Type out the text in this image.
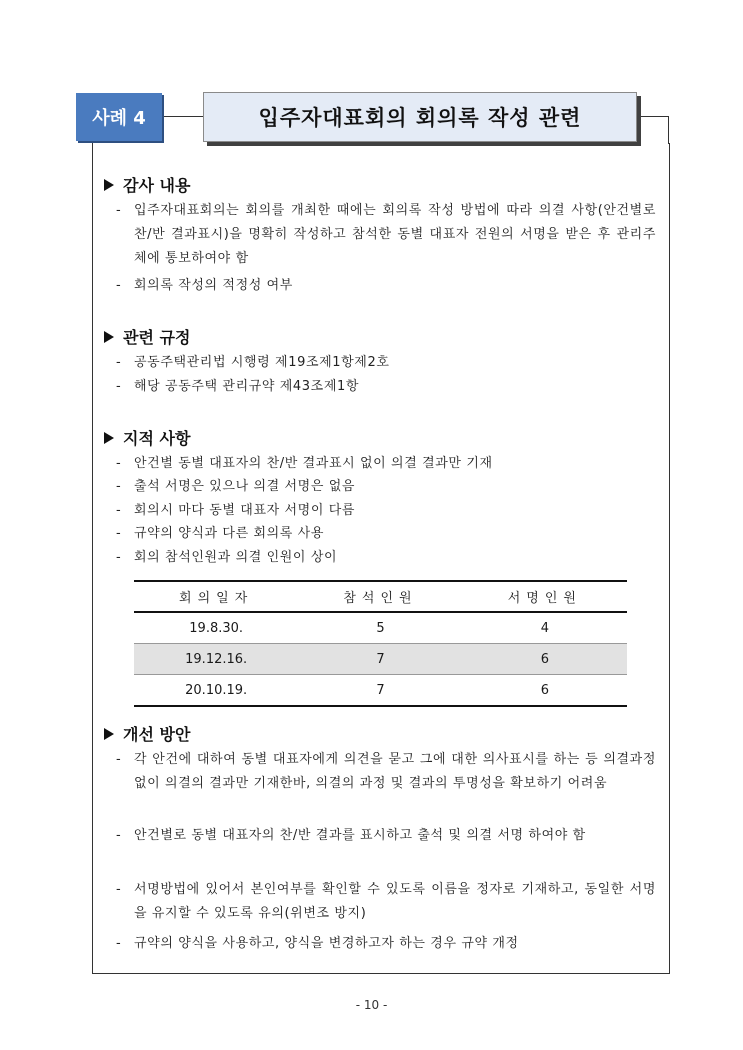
사례 4	입주자대표회의 회의록 작성 관련
감사 내용
- 입주자대표회의는 회의를 개최한 때에는 회의록 작성 방법에 따라 의결 사항(안건별로 찬/반 결과표시)을 명확히 작성하고 참석한 동별 대표자 전원의 서명을 받은 후 관리주체에 통보하여야 함
- 회의록 작성의 적정성 여부
관련 규정
- 공동주택관리법 시행령 제19조제1항제2호
- 해당 공동주택 관리규약 제43조제1항
지적 사항
- 안건별 동별 대표자의 찬/반 결과표시 없이 의결 결과만 기재
- 출석 서명은 있으나 의결 서명은 없음
- 회의시 마다 동별 대표자 서명이 다름
- 규약의 양식과 다른 회의록 사용
- 회의 참석인원과 의결 인원이 상이
회의일자	참석인원	서명인원
19.8.30.	5	4
19.12.16.	7	6
20.10.19.	7	6
개선 방안
- 각 안건에 대하여 동별 대표자에게 의견을 묻고 그에 대한 의사표시를 하는 등 의결과정 없이 의결의 결과만 기재한바, 의결의 과정 및 결과의 투명성을 확보하기 어려움
- 안건별로 동별 대표자의 찬/반 결과를 표시하고 출석 및 의결 서명 하여야 함
- 서명방법에 있어서 본인여부를 확인할 수 있도록 이름을 정자로 기재하고, 동일한 서명을 유지할 수 있도록 유의(위변조 방지)
- 규약의 양식을 사용하고, 양식을 변경하고자 하는 경우 규약 개정
- 10 -
